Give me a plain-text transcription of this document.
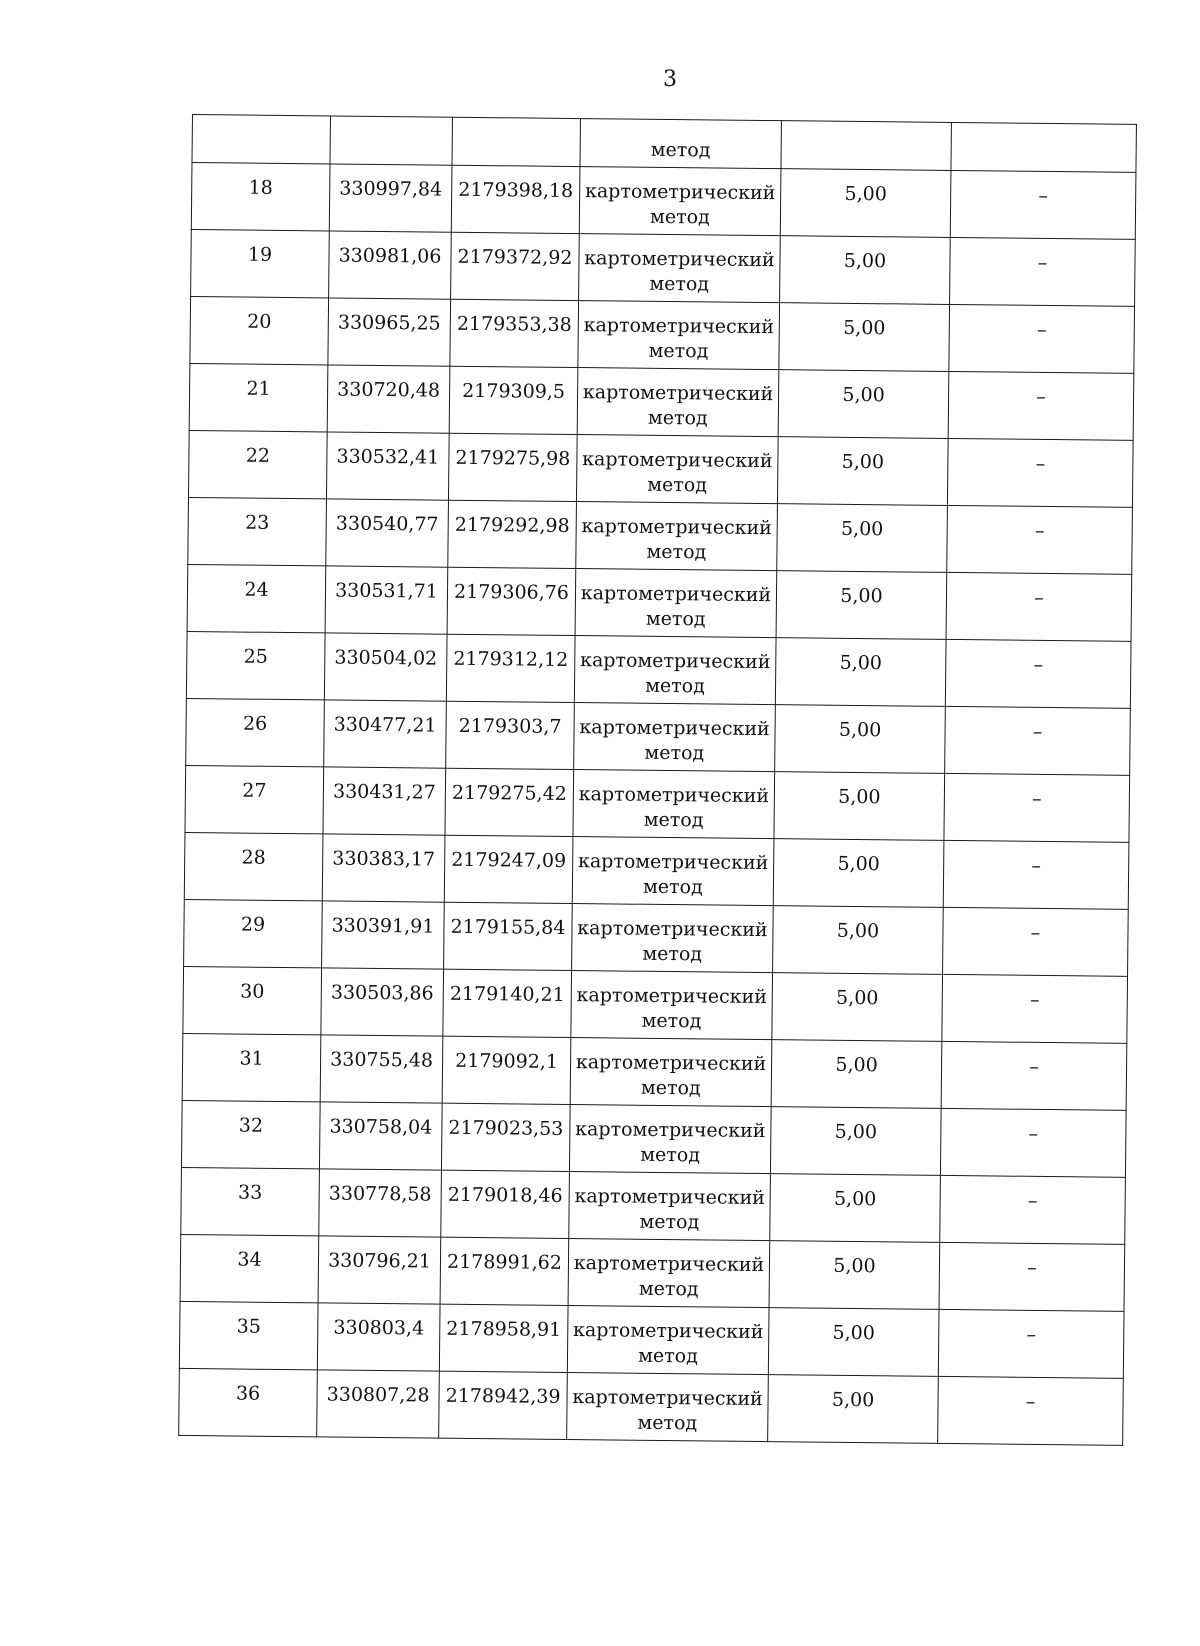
3
			метод		
18	330997,84	2179398,18	картометрический
метод	5,00	–
19	330981,06	2179372,92	картометрический
метод	5,00	–
20	330965,25	2179353,38	картометрический
метод	5,00	–
21	330720,48	2179309,5	картометрический
метод	5,00	–
22	330532,41	2179275,98	картометрический
метод	5,00	–
23	330540,77	2179292,98	картометрический
метод	5,00	–
24	330531,71	2179306,76	картометрический
метод	5,00	–
25	330504,02	2179312,12	картометрический
метод	5,00	–
26	330477,21	2179303,7	картометрический
метод	5,00	–
27	330431,27	2179275,42	картометрический
метод	5,00	–
28	330383,17	2179247,09	картометрический
метод	5,00	–
29	330391,91	2179155,84	картометрический
метод	5,00	–
30	330503,86	2179140,21	картометрический
метод	5,00	–
31	330755,48	2179092,1	картометрический
метод	5,00	–
32	330758,04	2179023,53	картометрический
метод	5,00	–
33	330778,58	2179018,46	картометрический
метод	5,00	–
34	330796,21	2178991,62	картометрический
метод	5,00	–
35	330803,4	2178958,91	картометрический
метод	5,00	–
36	330807,28	2178942,39	картометрический
метод	5,00	–
